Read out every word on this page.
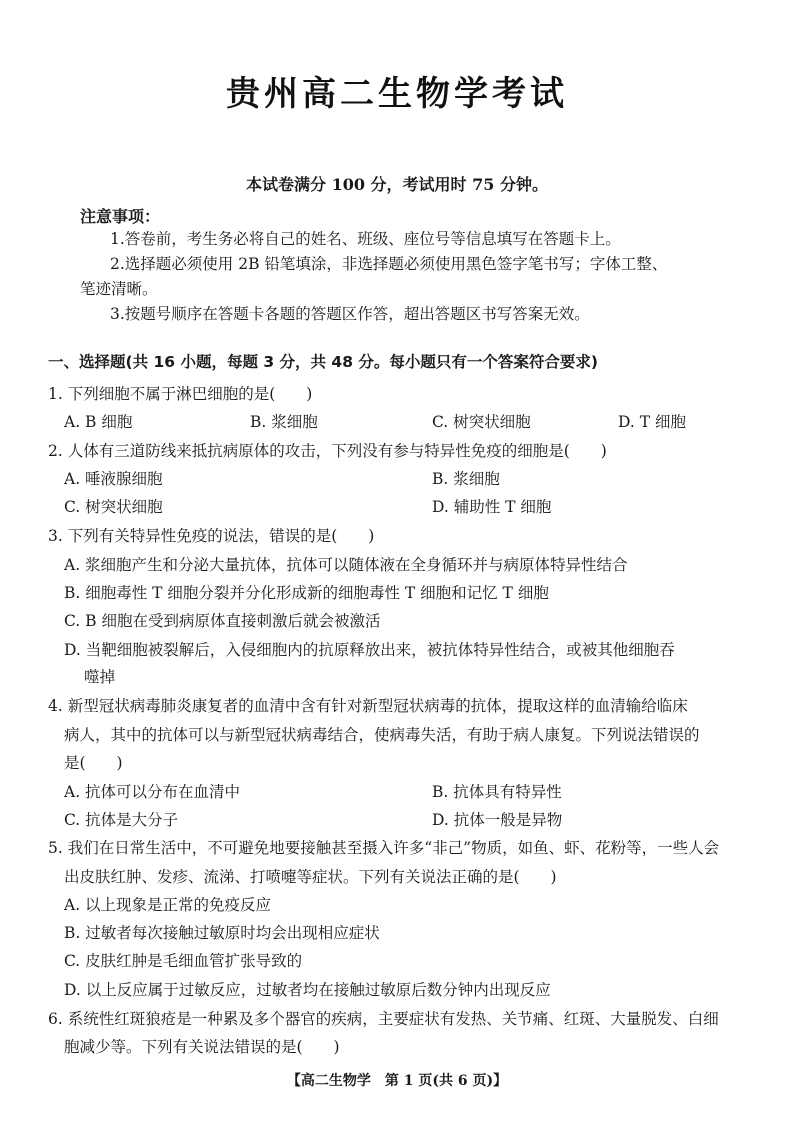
贵州高二生物学考试
本试卷满分 100 分，考试用时 75 分钟。
注意事项：
1.答卷前，考生务必将自己的姓名、班级、座位号等信息填写在答题卡上。
2.选择题必须使用 2B 铅笔填涂，非选择题必须使用黑色签字笔书写；字体工整、
笔迹清晰。
3.按题号顺序在答题卡各题的答题区作答，超出答题区书写答案无效。
一、选择题(共 16 小题，每题 3 分，共 48 分。每小题只有一个答案符合要求)
1. 下列细胞不属于淋巴细胞的是(　　)
A. B 细胞	B. 浆细胞	C. 树突状细胞	D. T 细胞
2. 人体有三道防线来抵抗病原体的攻击，下列没有参与特异性免疫的细胞是(　　)
A. 唾液腺细胞	B. 浆细胞
C. 树突状细胞	D. 辅助性 T 细胞
3. 下列有关特异性免疫的说法，错误的是(　　)
A. 浆细胞产生和分泌大量抗体，抗体可以随体液在全身循环并与病原体特异性结合
B. 细胞毒性 T 细胞分裂并分化形成新的细胞毒性 T 细胞和记忆 T 细胞
C. B 细胞在受到病原体直接刺激后就会被激活
D. 当靶细胞被裂解后，入侵细胞内的抗原释放出来，被抗体特异性结合，或被其他细胞吞
噬掉
4. 新型冠状病毒肺炎康复者的血清中含有针对新型冠状病毒的抗体，提取这样的血清输给临床
病人，其中的抗体可以与新型冠状病毒结合，使病毒失活，有助于病人康复。下列说法错误的
是(　　)
A. 抗体可以分布在血清中	B. 抗体具有特异性
C. 抗体是大分子	D. 抗体一般是异物
5. 我们在日常生活中，不可避免地要接触甚至摄入许多“非己”物质，如鱼、虾、花粉等，一些人会
出皮肤红肿、发疹、流涕、打喷嚏等症状。下列有关说法正确的是(　　)
A. 以上现象是正常的免疫反应
B. 过敏者每次接触过敏原时均会出现相应症状
C. 皮肤红肿是毛细血管扩张导致的
D. 以上反应属于过敏反应，过敏者均在接触过敏原后数分钟内出现反应
6. 系统性红斑狼疮是一种累及多个器官的疾病，主要症状有发热、关节痛、红斑、大量脱发、白细
胞减少等。下列有关说法错误的是(　　)
【高二生物学　第 1 页(共 6 页)】
